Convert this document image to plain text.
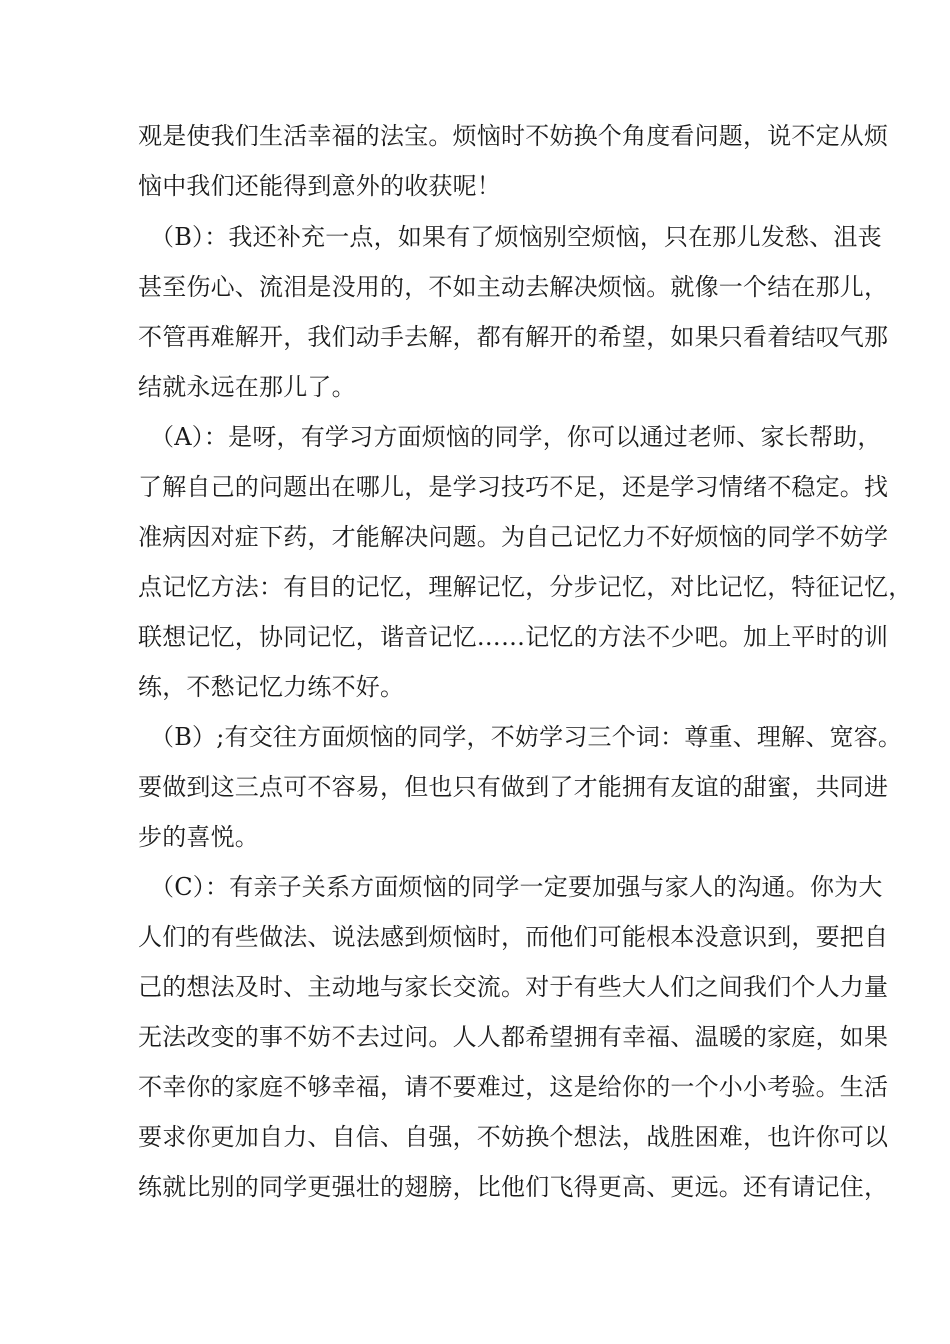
观是使我们生活幸福的法宝。烦恼时不妨换个角度看问题，说不定从烦
恼中我们还能得到意外的收获呢！
（B）：我还补充一点，如果有了烦恼别空烦恼，只在那儿发愁、沮丧
甚至伤心、流泪是没用的，不如主动去解决烦恼。就像一个结在那儿，
不管再难解开，我们动手去解，都有解开的希望，如果只看着结叹气那
结就永远在那儿了。
（A）：是呀，有学习方面烦恼的同学，你可以通过老师、家长帮助，
了解自己的问题出在哪儿，是学习技巧不足，还是学习情绪不稳定。找
准病因对症下药，才能解决问题。为自己记忆力不好烦恼的同学不妨学
点记忆方法：有目的记忆，理解记忆，分步记忆，对比记忆，特征记忆，
联想记忆，协同记忆，谐音记忆……记忆的方法不少吧。加上平时的训
练，不愁记忆力练不好。
（B）;有交往方面烦恼的同学，不妨学习三个词：尊重、理解、宽容。
要做到这三点可不容易，但也只有做到了才能拥有友谊的甜蜜，共同进
步的喜悦。
（C）：有亲子关系方面烦恼的同学一定要加强与家人的沟通。你为大
人们的有些做法、说法感到烦恼时，而他们可能根本没意识到，要把自
己的想法及时、主动地与家长交流。对于有些大人们之间我们个人力量
无法改变的事不妨不去过问。人人都希望拥有幸福、温暖的家庭，如果
不幸你的家庭不够幸福，请不要难过，这是给你的一个小小考验。生活
要求你更加自力、自信、自强，不妨换个想法，战胜困难，也许你可以
练就比别的同学更强壮的翅膀，比他们飞得更高、更远。还有请记住，
